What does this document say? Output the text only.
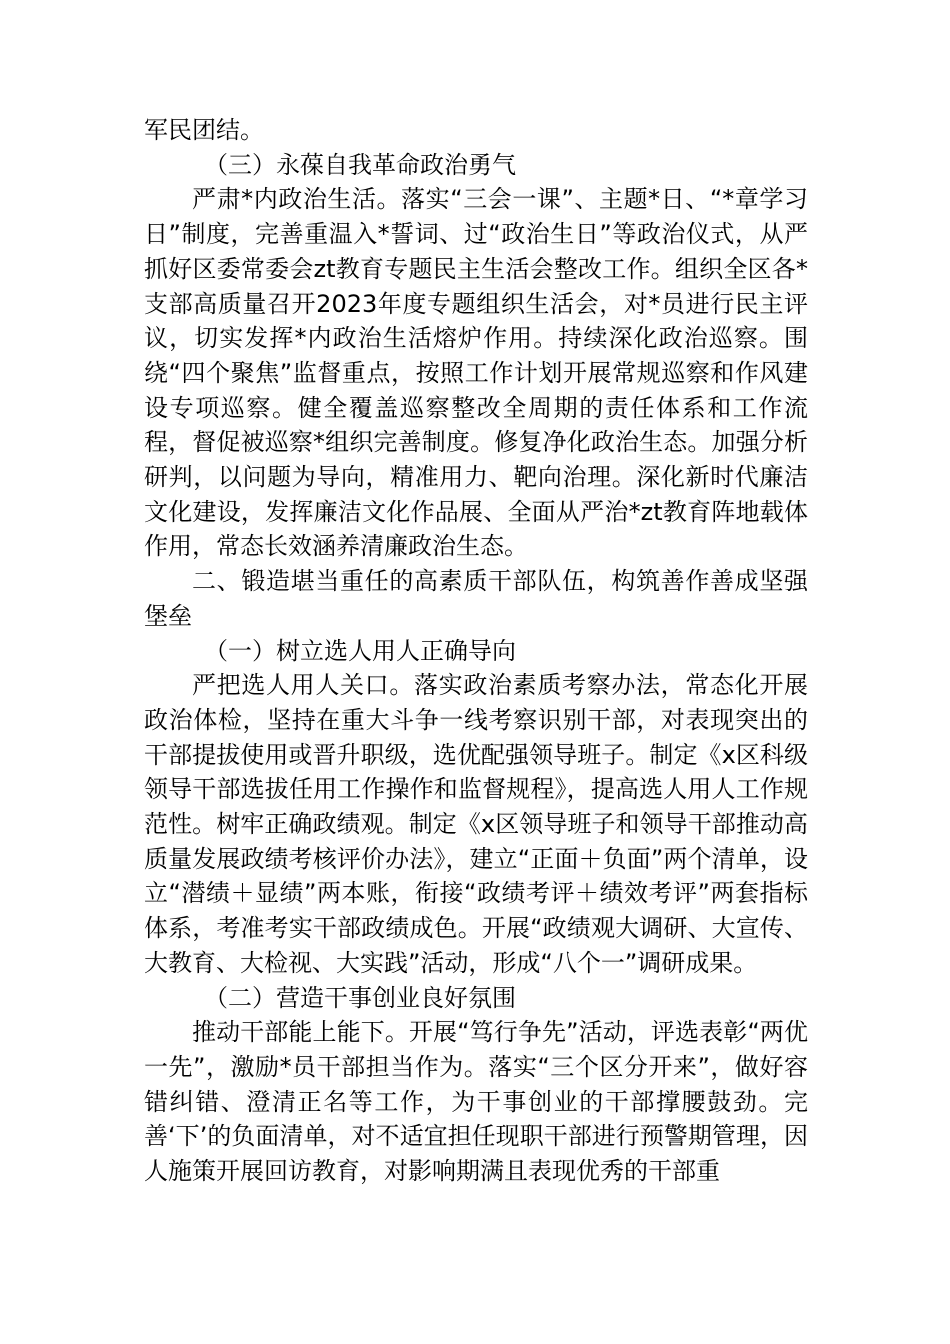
军民团结。

（三）永葆自我革命政治勇气

严肃*内政治生活。落实“三会一课”、主题*日、“*章学习日”制度，完善重温入*誓词、过“政治生日”等政治仪式，从严抓好区委常委会zt教育专题民主生活会整改工作。组织全区各*支部高质量召开2023年度专题组织生活会，对*员进行民主评议，切实发挥*内政治生活熔炉作用。持续深化政治巡察。围绕“四个聚焦”监督重点，按照工作计划开展常规巡察和作风建设专项巡察。健全覆盖巡察整改全周期的责任体系和工作流程，督促被巡察*组织完善制度。修复净化政治生态。加强分析研判，以问题为导向，精准用力、靶向治理。深化新时代廉洁文化建设，发挥廉洁文化作品展、全面从严治*zt教育阵地载体作用，常态长效涵养清廉政治生态。

二、锻造堪当重任的高素质干部队伍，构筑善作善成坚强堡垒

（一）树立选人用人正确导向

严把选人用人关口。落实政治素质考察办法，常态化开展政治体检，坚持在重大斗争一线考察识别干部，对表现突出的干部提拔使用或晋升职级，选优配强领导班子。制定《x区科级领导干部选拔任用工作操作和监督规程》，提高选人用人工作规范性。树牢正确政绩观。制定《x区领导班子和领导干部推动高质量发展政绩考核评价办法》，建立“正面＋负面”两个清单，设立“潜绩＋显绩”两本账，衔接“政绩考评＋绩效考评”两套指标体系，考准考实干部政绩成色。开展“政绩观大调研、大宣传、大教育、大检视、大实践”活动，形成“八个一”调研成果。

（二）营造干事创业良好氛围

推动干部能上能下。开展“笃行争先”活动，评选表彰“两优一先”，激励*员干部担当作为。落实“三个区分开来”，做好容错纠错、澄清正名等工作，为干事创业的干部撑腰鼓劲。完善‘下’的负面清单，对不适宜担任现职干部进行预警期管理，因人施策开展回访教育，对影响期满且表现优秀的干部重
